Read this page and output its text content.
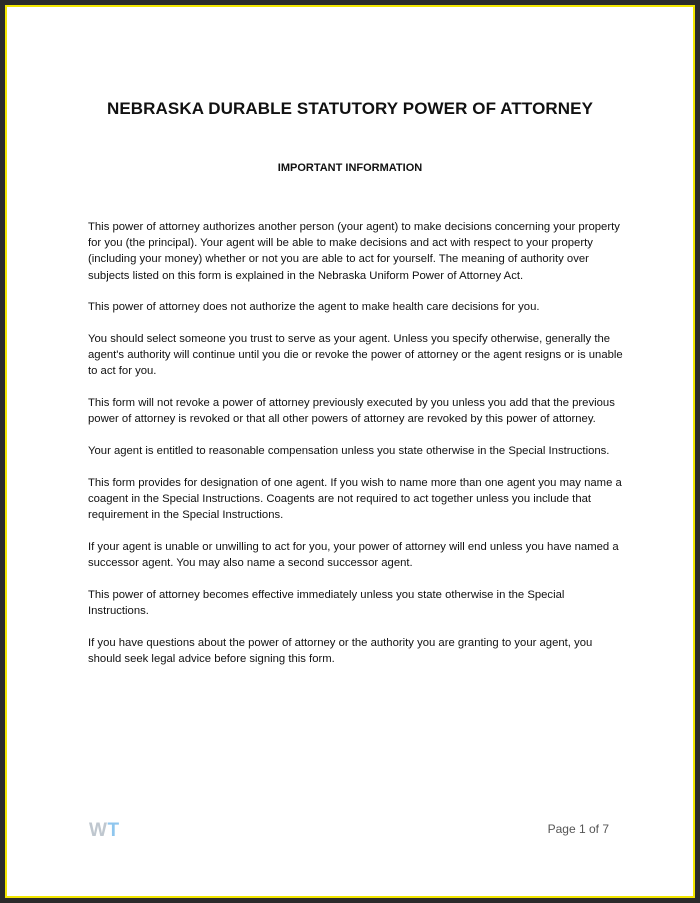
NEBRASKA DURABLE STATUTORY POWER OF ATTORNEY
IMPORTANT INFORMATION

This power of attorney authorizes another person (your agent) to make decisions concerning your property for you (the principal). Your agent will be able to make decisions and act with respect to your property (including your money) whether or not you are able to act for yourself. The meaning of authority over subjects listed on this form is explained in the Nebraska Uniform Power of Attorney Act.

This power of attorney does not authorize the agent to make health care decisions for you.

You should select someone you trust to serve as your agent. Unless you specify otherwise, generally the agent's authority will continue until you die or revoke the power of attorney or the agent resigns or is unable to act for you.

This form will not revoke a power of attorney previously executed by you unless you add that the previous power of attorney is revoked or that all other powers of attorney are revoked by this power of attorney.

Your agent is entitled to reasonable compensation unless you state otherwise in the Special Instructions.

This form provides for designation of one agent. If you wish to name more than one agent you may name a coagent in the Special Instructions. Coagents are not required to act together unless you include that requirement in the Special Instructions.

If your agent is unable or unwilling to act for you, your power of attorney will end unless you have named a successor agent. You may also name a second successor agent.

This power of attorney becomes effective immediately unless you state otherwise in the Special Instructions.

If you have questions about the power of attorney or the authority you are granting to your agent, you should seek legal advice before signing this form.

WT	Page 1 of 7
